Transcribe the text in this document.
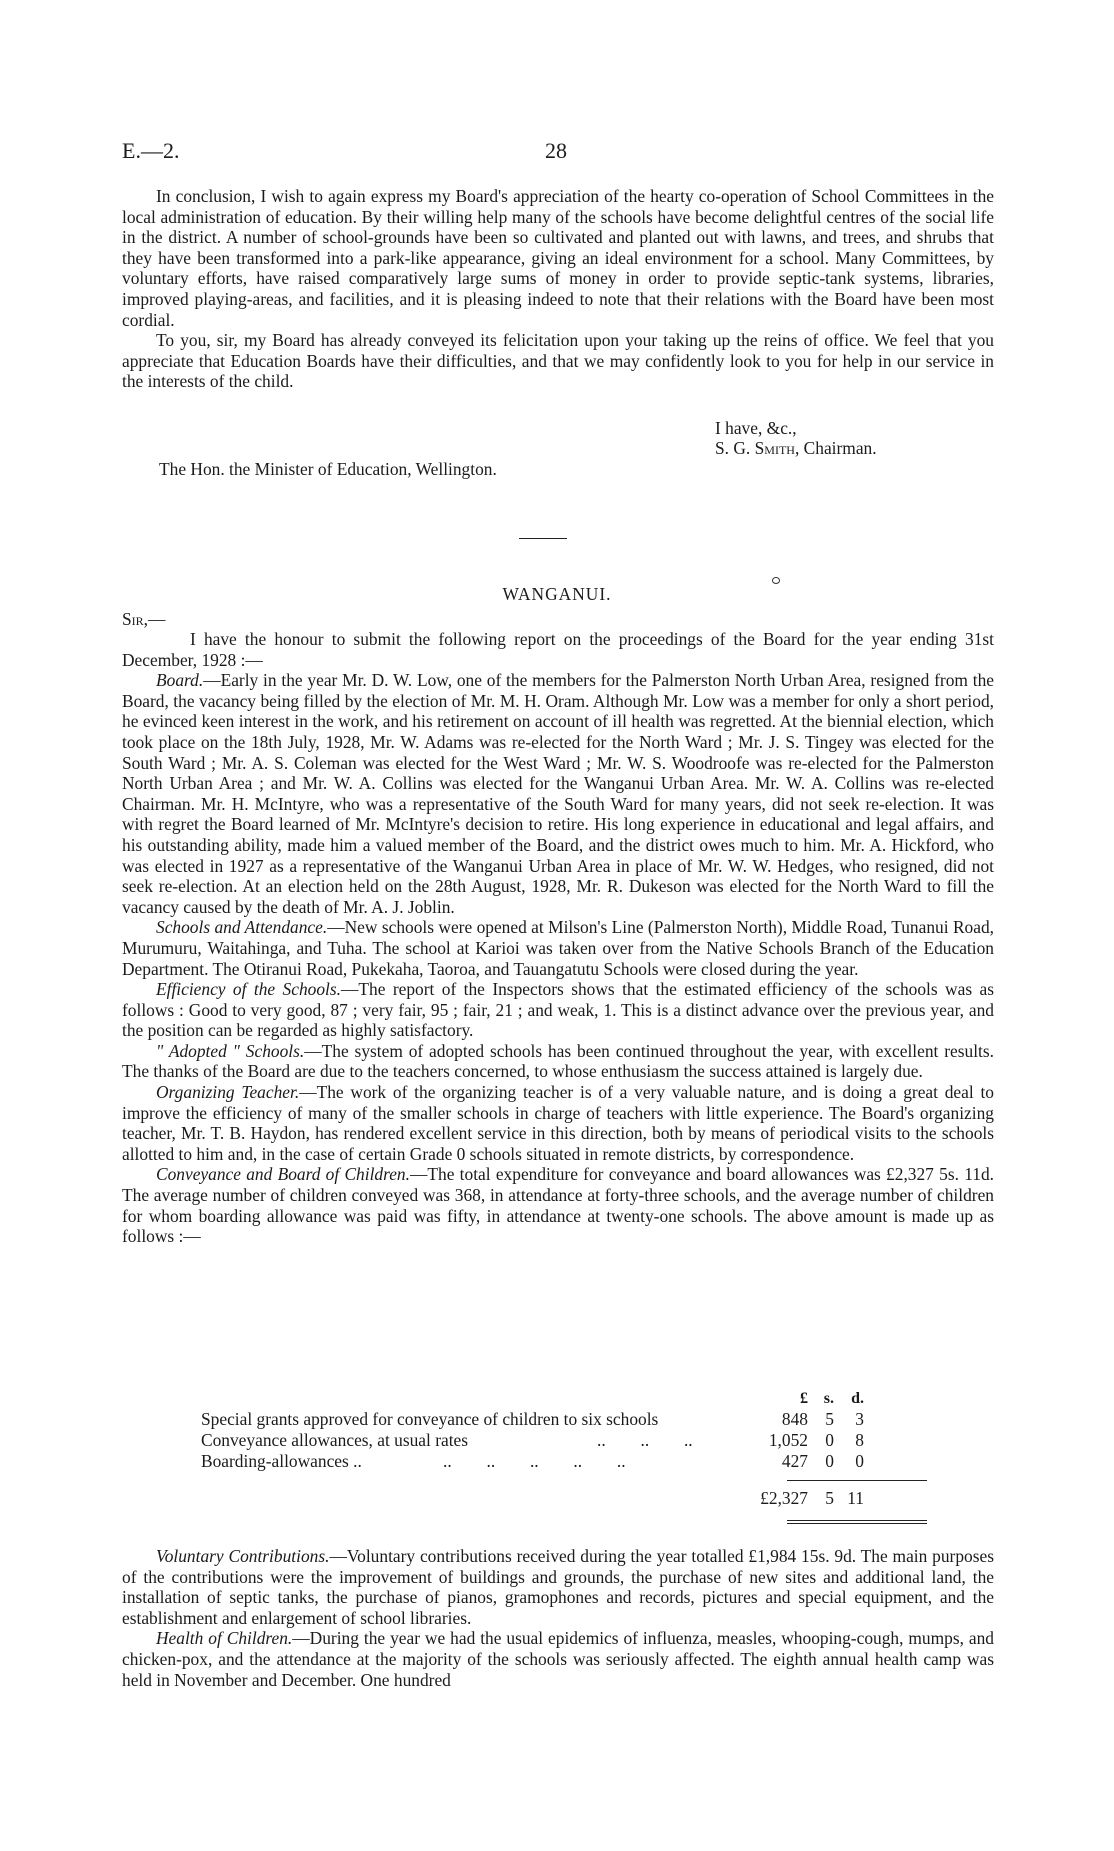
E.—2.	28

In conclusion, I wish to again express my Board's appreciation of the hearty co-operation of School Committees in the local administration of education. By their willing help many of the schools have become delightful centres of the social life in the district. A number of school-grounds have been so cultivated and planted out with lawns, and trees, and shrubs that they have been transformed into a park-like appearance, giving an ideal environment for a school. Many Committees, by voluntary efforts, have raised comparatively large sums of money in order to provide septic-tank systems, libraries, improved playing-areas, and facilities, and it is pleasing indeed to note that their relations with the Board have been most cordial.

To you, sir, my Board has already conveyed its felicitation upon your taking up the reins of office. We feel that you appreciate that Education Boards have their difficulties, and that we may confidently look to you for help in our service in the interests of the child.

I have, &c.,
S. G. Smith, Chairman.
The Hon. the Minister of Education, Wellington.
WANGANUI.
Sir,—

I have the honour to submit the following report on the proceedings of the Board for the year ending 31st December, 1928 :—

Board.—Early in the year Mr. D. W. Low, one of the members for the Palmerston North Urban Area, resigned from the Board, the vacancy being filled by the election of Mr. M. H. Oram. Although Mr. Low was a member for only a short period, he evinced keen interest in the work, and his retirement on account of ill health was regretted. At the biennial election, which took place on the 18th July, 1928, Mr. W. Adams was re-elected for the North Ward ; Mr. J. S. Tingey was elected for the South Ward ; Mr. A. S. Coleman was elected for the West Ward ; Mr. W. S. Woodroofe was re-elected for the Palmerston North Urban Area ; and Mr. W. A. Collins was elected for the Wanganui Urban Area. Mr. W. A. Collins was re-elected Chairman. Mr. H. McIntyre, who was a representative of the South Ward for many years, did not seek re-election. It was with regret the Board learned of Mr. McIntyre's decision to retire. His long experience in educational and legal affairs, and his outstanding ability, made him a valued member of the Board, and the district owes much to him. Mr. A. Hickford, who was elected in 1927 as a representative of the Wanganui Urban Area in place of Mr. W. W. Hedges, who resigned, did not seek re-election. At an election held on the 28th August, 1928, Mr. R. Dukeson was elected for the North Ward to fill the vacancy caused by the death of Mr. A. J. Joblin.

Schools and Attendance.—New schools were opened at Milson's Line (Palmerston North), Middle Road, Tunanui Road, Murumuru, Waitahinga, and Tuha. The school at Karioi was taken over from the Native Schools Branch of the Education Department. The Otiranui Road, Pukekaha, Taoroa, and Tauangatutu Schools were closed during the year.

Efficiency of the Schools.—The report of the Inspectors shows that the estimated efficiency of the schools was as follows : Good to very good, 87 ; very fair, 95 ; fair, 21 ; and weak, 1. This is a distinct advance over the previous year, and the position can be regarded as highly satisfactory.

" Adopted " Schools.—The system of adopted schools has been continued throughout the year, with excellent results. The thanks of the Board are due to the teachers concerned, to whose enthusiasm the success attained is largely due.

Organizing Teacher.—The work of the organizing teacher is of a very valuable nature, and is doing a great deal to improve the efficiency of many of the smaller schools in charge of teachers with little experience. The Board's organizing teacher, Mr. T. B. Haydon, has rendered excellent service in this direction, both by means of periodical visits to the schools allotted to him and, in the case of certain Grade 0 schools situated in remote districts, by correspondence.

Conveyance and Board of Children.—The total expenditure for conveyance and board allowances was £2,327 5s. 11d. The average number of children conveyed was 368, in attendance at forty-three schools, and the average number of children for whom boarding allowance was paid was fifty, in attendance at twenty-one schools. The above amount is made up as follows :—

£ s.	d.
Special grants approved for conveyance of children to six schools	848 5	3
Conveyance allowances, at usual rates	..        ..        ..	1,052 0	8
Boarding-allowances ..	..        ..        ..        ..        ..	427 0	0
£2,327 5 11

Voluntary Contributions.—Voluntary contributions received during the year totalled £1,984 15s. 9d. The main purposes of the contributions were the improvement of buildings and grounds, the purchase of new sites and additional land, the installation of septic tanks, the purchase of pianos, gramophones and records, pictures and special equipment, and the establishment and enlargement of school libraries.

Health of Children.—During the year we had the usual epidemics of influenza, measles, whooping-cough, mumps, and chicken-pox, and the attendance at the majority of the schools was seriously affected. The eighth annual health camp was held in November and December. One hundred
